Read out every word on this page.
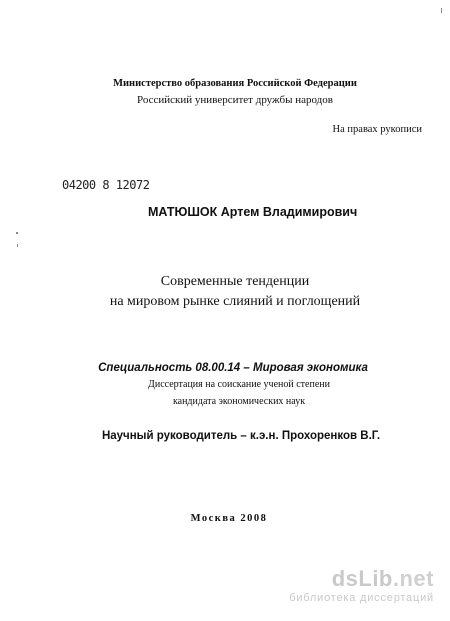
Министерство образования Российской Федерации
Российский университет дружбы народов
На правах рукописи
04200 8 12072
МАТЮШОК Артем Владимирович
Современные тенденции
на мировом рынке слияний и поглощений
Специальность 08.00.14 – Мировая экономика
Диссертация на соискание ученой степени
кандидата экономических наук
Научный руководитель – к.э.н. Прохоренков В.Г.
Москва 2008
dsLib.net
библиотека диссертаций
